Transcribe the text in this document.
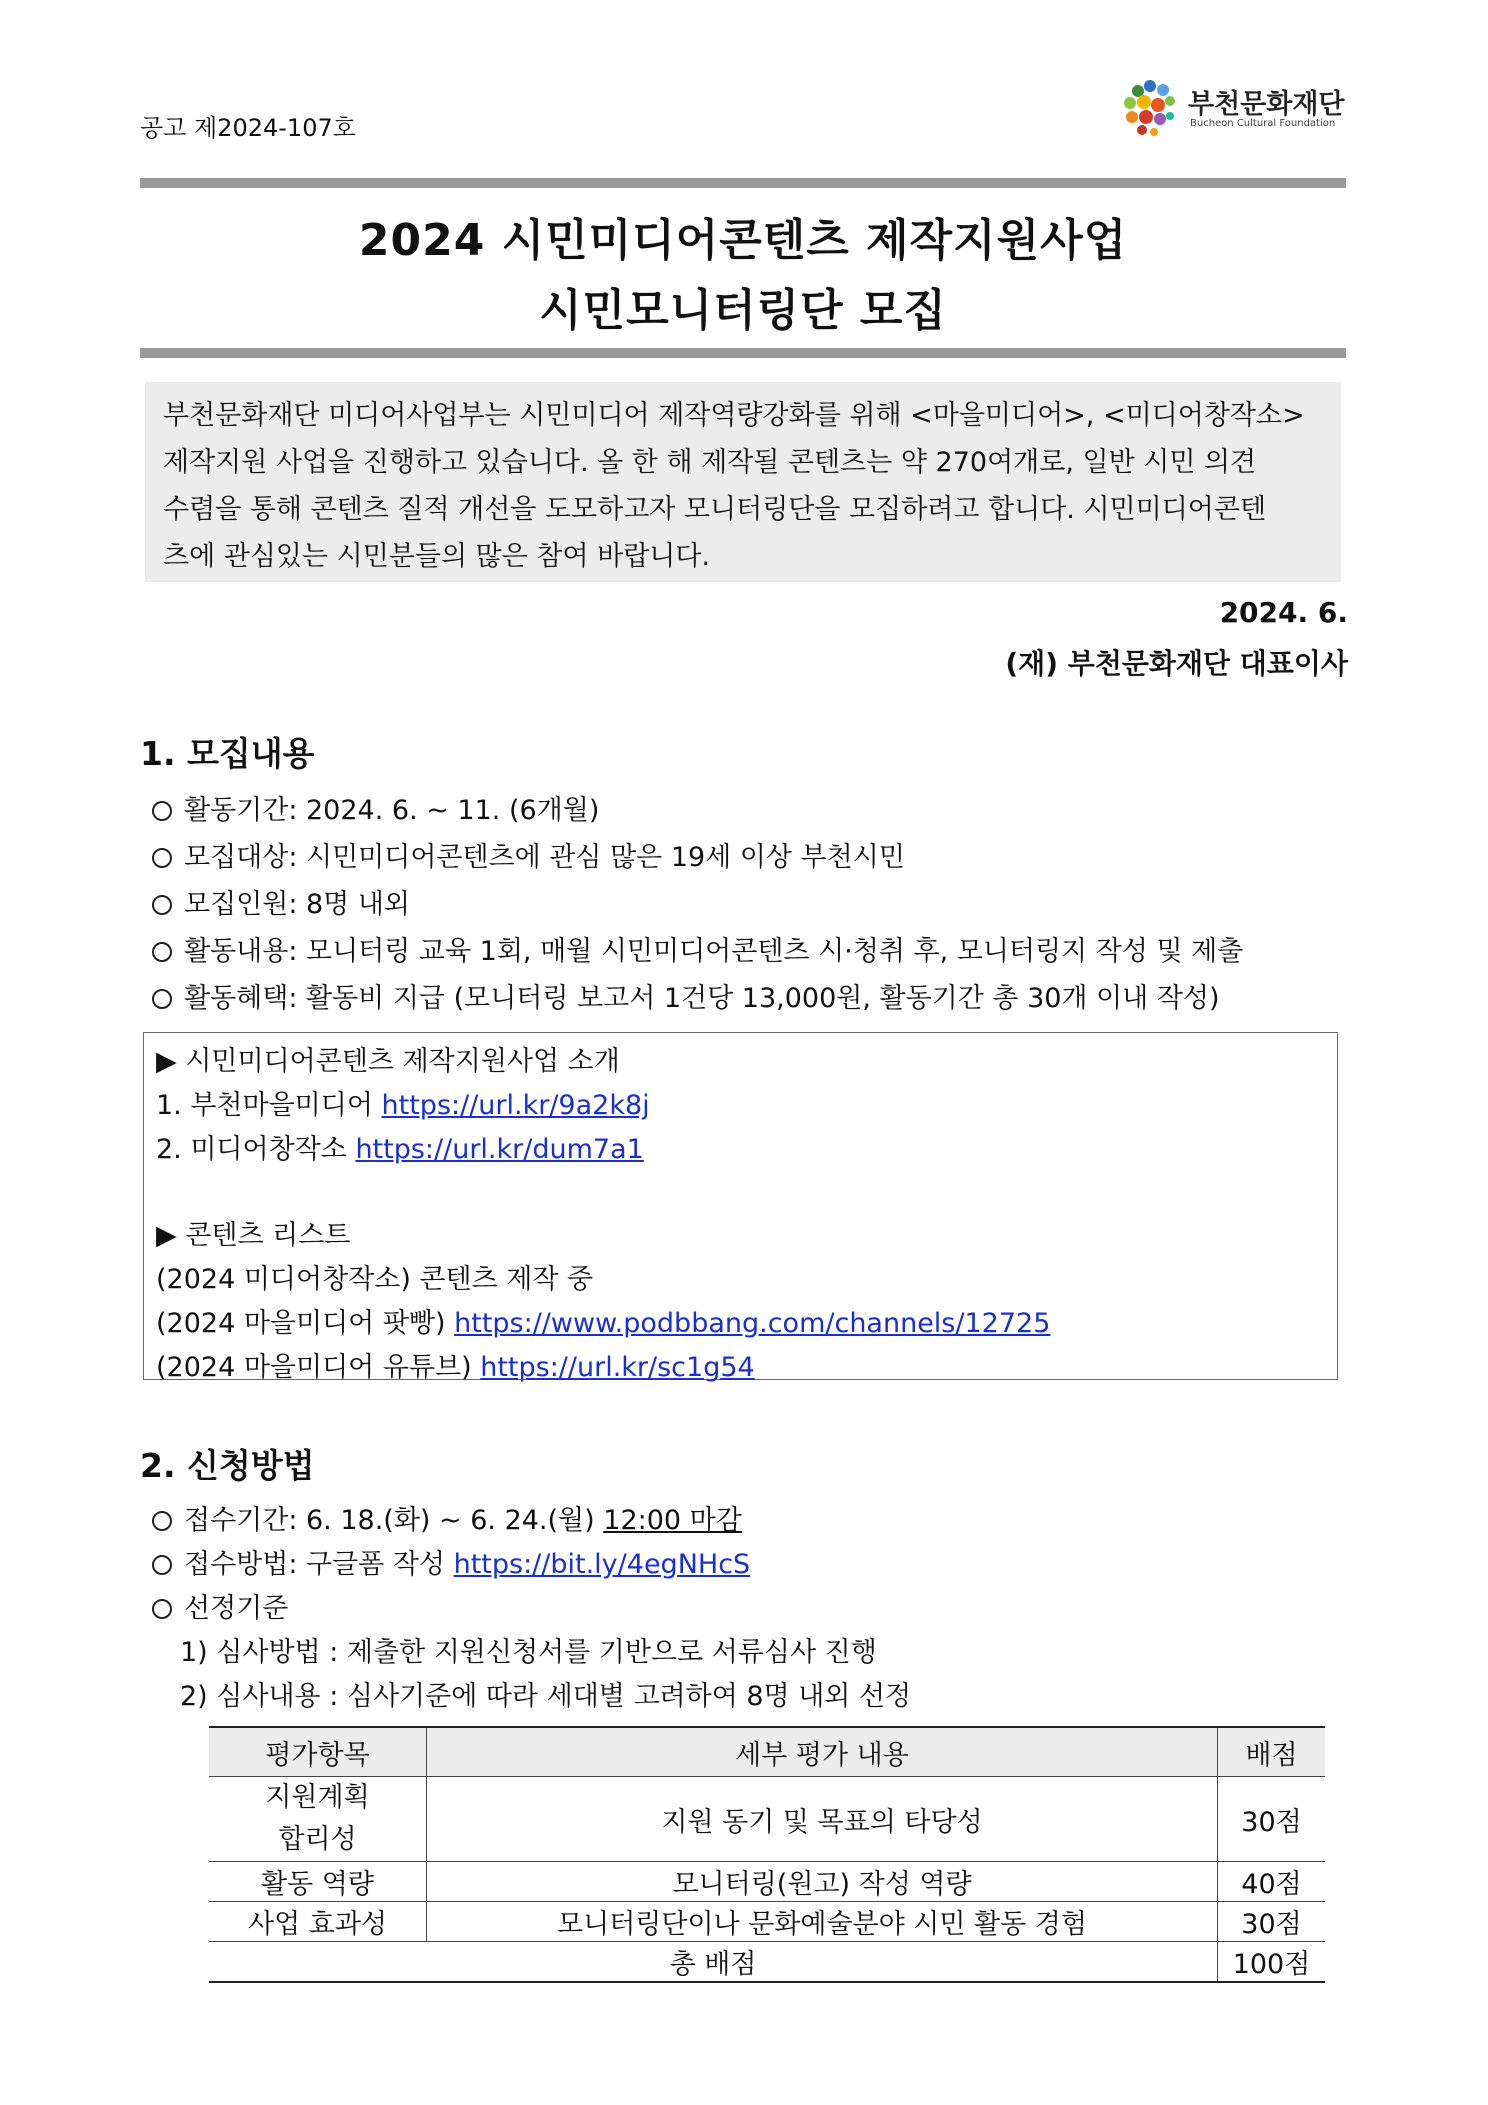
공고 제2024-107호
부천문화재단
Bucheon Cultural Foundation
2024 시민미디어콘텐츠 제작지원사업
시민모니터링단 모집
부천문화재단 미디어사업부는 시민미디어 제작역량강화를 위해 <마을미디어>, <미디어창작소>
제작지원 사업을 진행하고 있습니다. 올 한 해 제작될 콘텐츠는 약 270여개로, 일반 시민 의견
수렴을 통해 콘텐츠 질적 개선을 도모하고자 모니터링단을 모집하려고 합니다. 시민미디어콘텐
츠에 관심있는 시민분들의 많은 참여 바랍니다.
2024. 6.
(재) 부천문화재단 대표이사
1. 모집내용
활동기간: 2024. 6. ~ 11. (6개월)
모집대상: 시민미디어콘텐츠에 관심 많은 19세 이상 부천시민
모집인원: 8명 내외
활동내용: 모니터링 교육 1회, 매월 시민미디어콘텐츠 시·청취 후, 모니터링지 작성 및 제출
활동혜택: 활동비 지급 (모니터링 보고서 1건당 13,000원, 활동기간 총 30개 이내 작성)
▶ 시민미디어콘텐츠 제작지원사업 소개
1. 부천마을미디어 https://url.kr/9a2k8j
2. 미디어창작소 https://url.kr/dum7a1
▶ 콘텐츠 리스트
(2024 미디어창작소) 콘텐츠 제작 중
(2024 마을미디어 팟빵) https://www.podbbang.com/channels/12725
(2024 마을미디어 유튜브) https://url.kr/sc1g54
2. 신청방법
접수기간: 6. 18.(화) ~ 6. 24.(월) 12:00 마감
접수방법: 구글폼 작성 https://bit.ly/4egNHcS
선정기준
1) 심사방법 : 제출한 지원신청서를 기반으로 서류심사 진행
2) 심사내용 : 심사기준에 따라 세대별 고려하여 8명 내외 선정
평가항목	세부 평가 내용	배점

지원계획
합리성	지원 동기 및 목표의 타당성	30점
활동 역량	모니터링(원고) 작성 역량	40점
사업 효과성	모니터링단이나 문화예술분야 시민 활동 경험	30점
총 배점		100점
